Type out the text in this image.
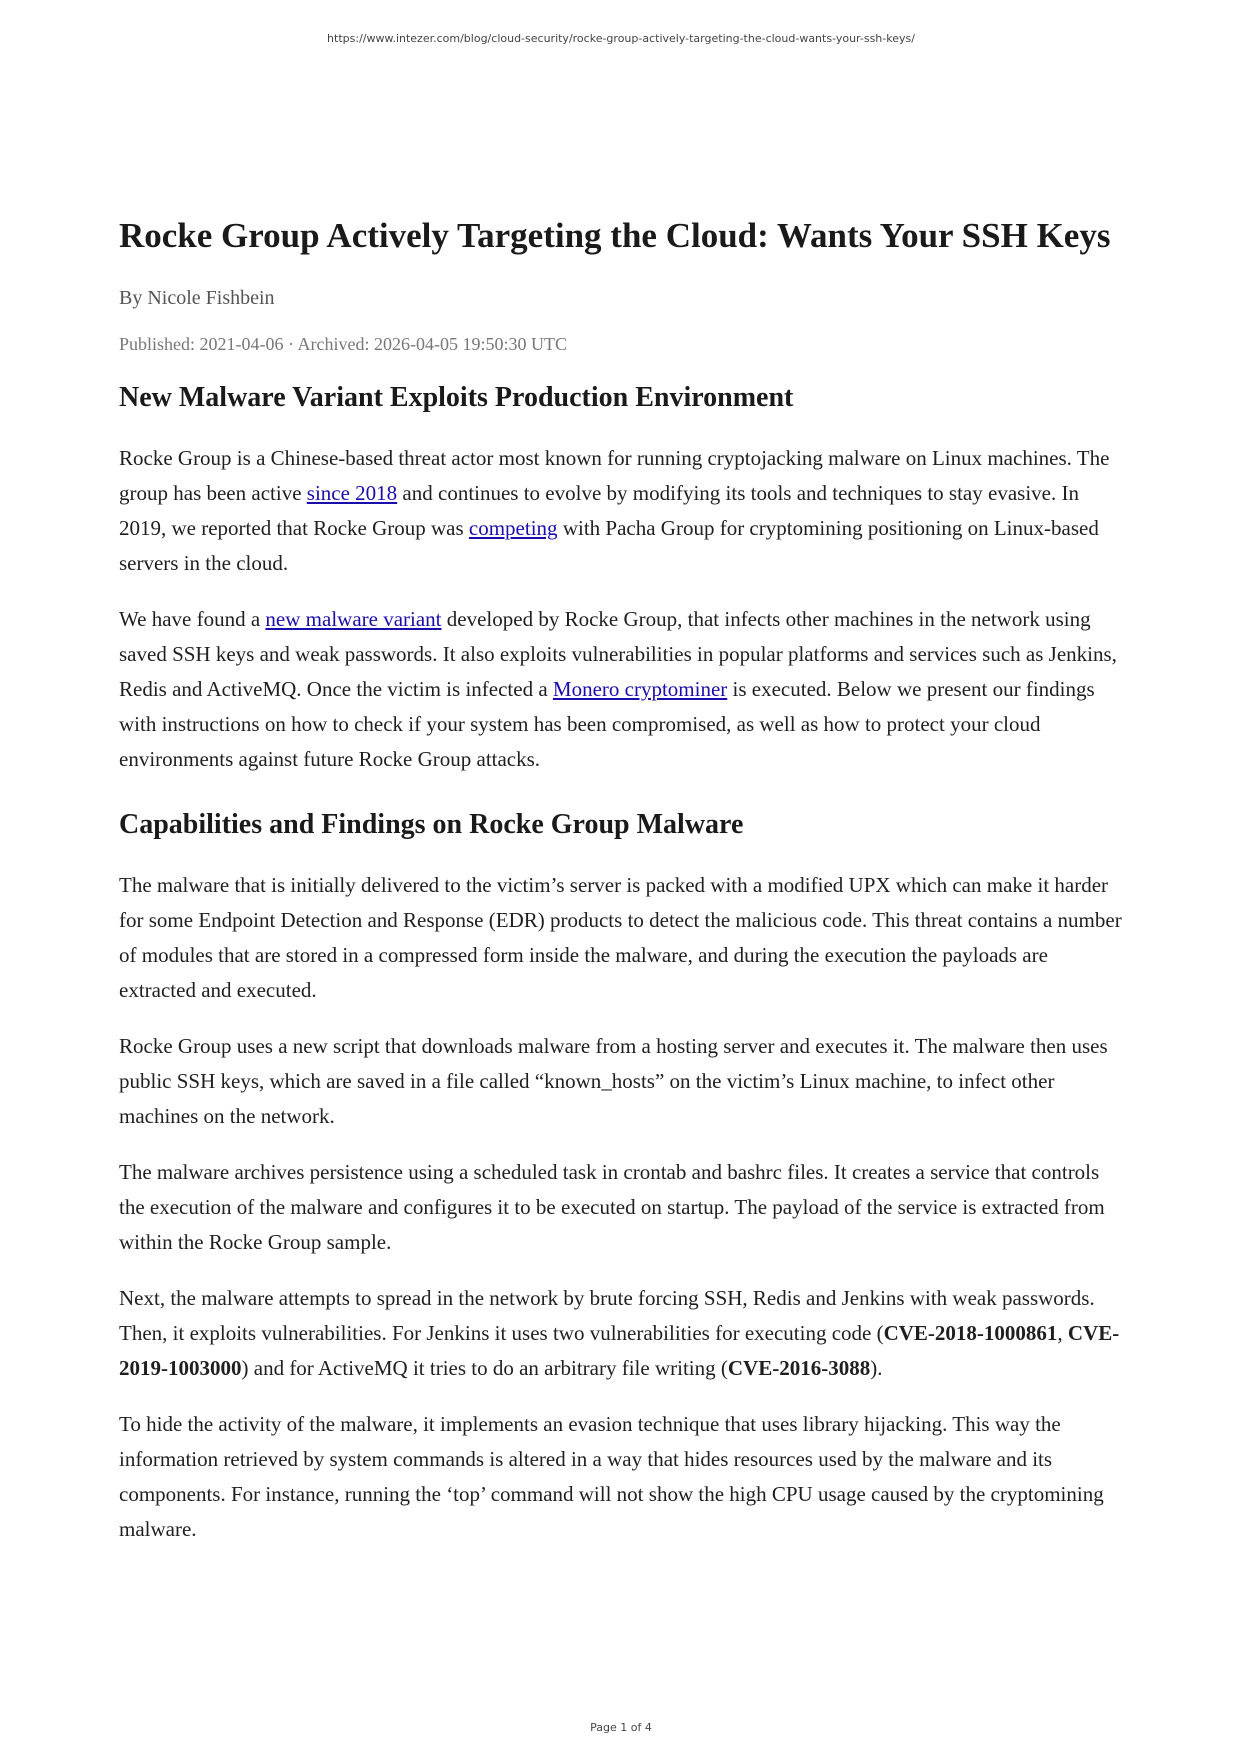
https://www.intezer.com/blog/cloud-security/rocke-group-actively-targeting-the-cloud-wants-your-ssh-keys/
Rocke Group Actively Targeting the Cloud: Wants Your SSH Keys
By Nicole Fishbein
Published: 2021-04-06 · Archived: 2026-04-05 19:50:30 UTC
New Malware Variant Exploits Production Environment

Rocke Group is a Chinese-based threat actor most known for running cryptojacking malware on Linux machines. The group has been active since 2018 and continues to evolve by modifying its tools and techniques to stay evasive. In 2019, we reported that Rocke Group was competing with Pacha Group for cryptomining positioning on Linux-based servers in the cloud.

We have found a new malware variant developed by Rocke Group, that infects other machines in the network using saved SSH keys and weak passwords. It also exploits vulnerabilities in popular platforms and services such as Jenkins, Redis and ActiveMQ. Once the victim is infected a Monero cryptominer is executed. Below we present our findings with instructions on how to check if your system has been compromised, as well as how to protect your cloud environments against future Rocke Group attacks.

Capabilities and Findings on Rocke Group Malware

The malware that is initially delivered to the victim’s server is packed with a modified UPX which can make it harder for some Endpoint Detection and Response (EDR) products to detect the malicious code. This threat contains a number of modules that are stored in a compressed form inside the malware, and during the execution the payloads are extracted and executed.

Rocke Group uses a new script that downloads malware from a hosting server and executes it. The malware then uses public SSH keys, which are saved in a file called “known_hosts” on the victim’s Linux machine, to infect other machines on the network.

The malware archives persistence using a scheduled task in crontab and bashrc files. It creates a service that controls the execution of the malware and configures it to be executed on startup. The payload of the service is extracted from within the Rocke Group sample.

Next, the malware attempts to spread in the network by brute forcing SSH, Redis and Jenkins with weak passwords. Then, it exploits vulnerabilities. For Jenkins it uses two vulnerabilities for executing code (CVE-2018-1000861, CVE-2019-1003000) and for ActiveMQ it tries to do an arbitrary file writing (CVE-2016-3088).

To hide the activity of the malware, it implements an evasion technique that uses library hijacking. This way the information retrieved by system commands is altered in a way that hides resources used by the malware and its components. For instance, running the ‘top’ command will not show the high CPU usage caused by the cryptomining malware.

Page 1 of 4
